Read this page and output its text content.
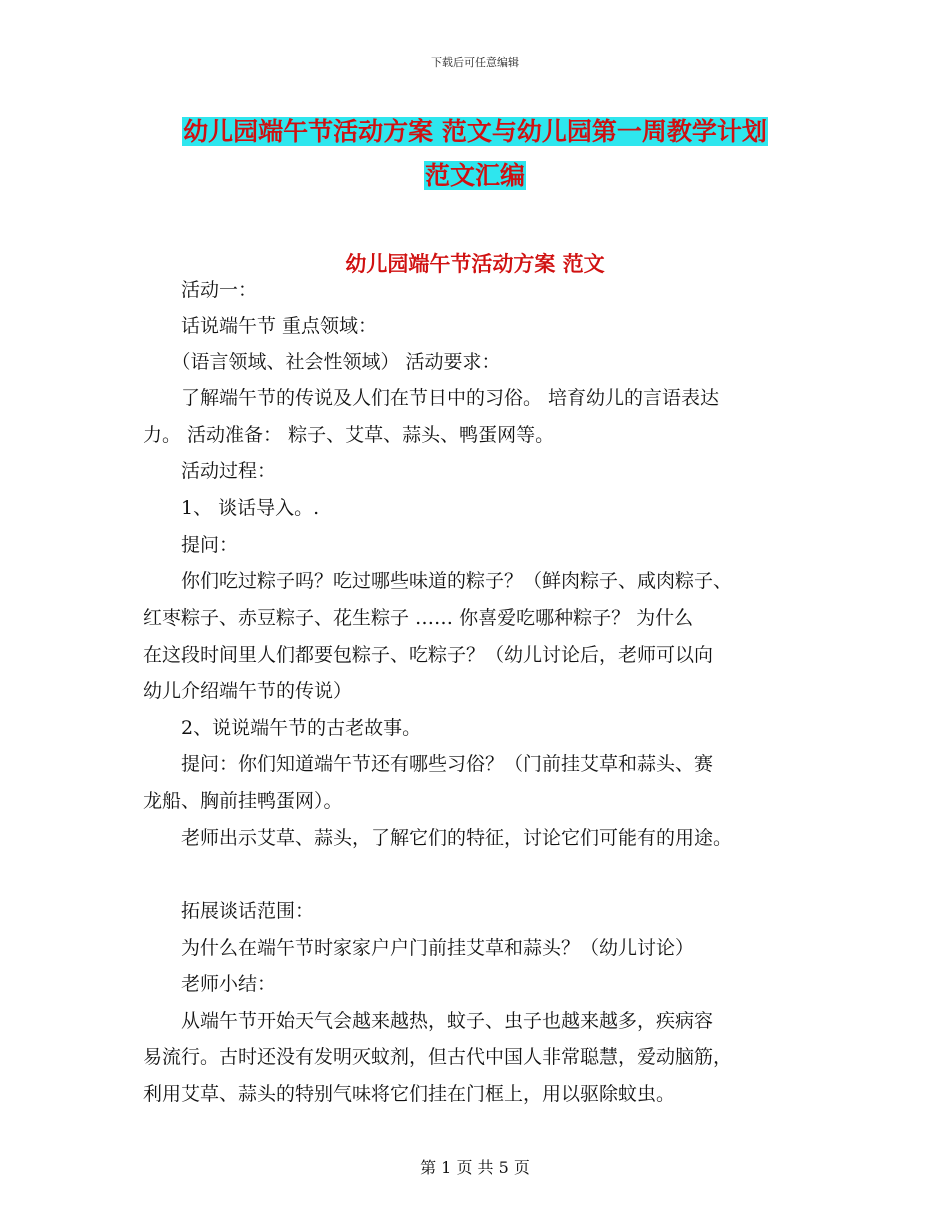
下载后可任意编辑
幼儿园端午节活动方案 范文与幼儿园第一周教学计划
范文汇编
幼儿园端午节活动方案 范文
　　活动一：
　　话说端午节 重点领域：
　　（语言领域、社会性领域） 活动要求：
　　了解端午节的传说及人们在节日中的习俗。 培育幼儿的言语表达
力。 活动准备： 粽子、艾草、蒜头、鸭蛋网等。
　　活动过程：
　　1、 谈话导入。.
　　提问：
　　你们吃过粽子吗？吃过哪些味道的粽子？（鲜肉粽子、咸肉粽子、
红枣粽子、赤豆粽子、花生粽子 …… 你喜爱吃哪种粽子？ 为什么
在这段时间里人们都要包粽子、吃粽子？（幼儿讨论后，老师可以向
幼儿介绍端午节的传说）
　　2、说说端午节的古老故事。
　　提问：你们知道端午节还有哪些习俗？（门前挂艾草和蒜头、赛
龙船、胸前挂鸭蛋网）。
　　老师出示艾草、蒜头，了解它们的特征，讨论它们可能有的用途。
　　拓展谈话范围：
　　为什么在端午节时家家户户门前挂艾草和蒜头？（幼儿讨论）
　　老师小结：
　　从端午节开始天气会越来越热，蚊子、虫子也越来越多，疾病容
易流行。古时还没有发明灭蚊剂，但古代中国人非常聪慧，爱动脑筋，
利用艾草、蒜头的特别气味将它们挂在门框上，用以驱除蚊虫。
第 1 页 共 5 页
